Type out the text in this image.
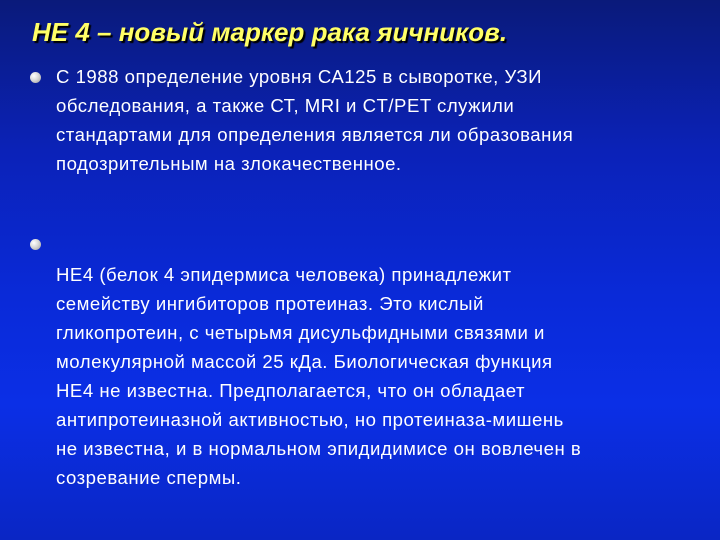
HE 4 – новый маркер рака яичников.
С 1988 определение уровня СА125 в сыворотке, УЗИ
обследования, а также СТ, MRI и CT/PET служили
стандартами для определения является ли образования
подозрительным на злокачественное.
HE4 (белок 4 эпидермиса человека) принадлежит
семейству ингибиторов протеиназ. Это кислый
гликопротеин, с четырьмя дисульфидными связями и
молекулярной массой 25 кДа. Биологическая функция
HE4 не известна. Предполагается, что он обладает
антипротеиназной активностью, но протеиназа-мишень
не известна, и в нормальном эпидидимисе он вовлечен в
созревание спермы.
